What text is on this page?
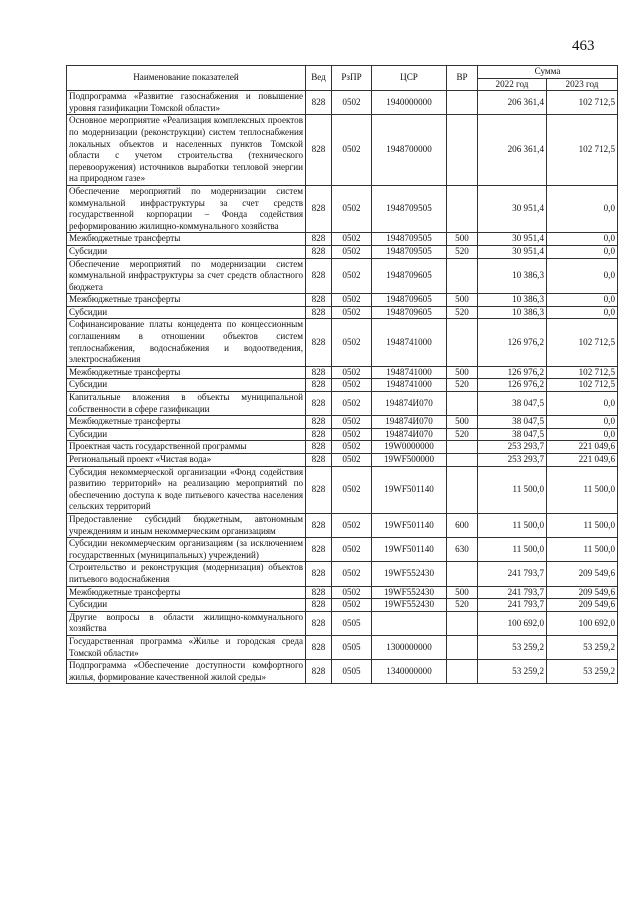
463
Наименование показателей	Вед	РзПР	ЦСР	ВР	Сумма	
					2022 год	2023 год
Подпрограмма «Развитие газоснабжения и повышение уровня газификации Томской области»	828	0502	1940000000		206 361,4	102 712,5
Основное мероприятие «Реализация комплексных проектов по модернизации (реконструкции) систем теплоснабжения локальных объектов и населенных пунктов Томской области с учетом строительства (технического перевооружения) источников выработки тепловой энергии на природном газе»	828	0502	1948700000		206 361,4	102 712,5
Обеспечение мероприятий по модернизации систем коммунальной инфраструктуры за счет средств государственной корпорации – Фонда содействия реформированию жилищно-коммунального хозяйства	828	0502	1948709505		30 951,4	0,0
Межбюджетные трансферты	828	0502	1948709505	500	30 951,4	0,0
Субсидии	828	0502	1948709505	520	30 951,4	0,0
Обеспечение мероприятий по модернизации систем коммунальной инфраструктуры за счет средств областного бюджета	828	0502	1948709605		10 386,3	0,0
Межбюджетные трансферты	828	0502	1948709605	500	10 386,3	0,0
Субсидии	828	0502	1948709605	520	10 386,3	0,0
Софинансирование платы концедента по концессионным соглашениям в отношении объектов систем теплоснабжения, водоснабжения и водоотведения, электроснабжения	828	0502	1948741000		126 976,2	102 712,5
Межбюджетные трансферты	828	0502	1948741000	500	126 976,2	102 712,5
Субсидии	828	0502	1948741000	520	126 976,2	102 712,5
Капитальные вложения в объекты муниципальной собственности в сфере газификации	828	0502	194874И070		38 047,5	0,0
Межбюджетные трансферты	828	0502	194874И070	500	38 047,5	0,0
Субсидии	828	0502	194874И070	520	38 047,5	0,0
Проектная часть государственной программы	828	0502	19W0000000		253 293,7	221 049,6
Региональный проект «Чистая вода»	828	0502	19WF500000		253 293,7	221 049,6
Субсидия некоммерческой организации «Фонд содействия развитию территорий» на реализацию мероприятий по обеспечению доступа к воде питьевого качества населения сельских территорий	828	0502	19WF501140		11 500,0	11 500,0
Предоставление субсидий бюджетным, автономным учреждениям и иным некоммерческим организациям	828	0502	19WF501140	600	11 500,0	11 500,0
Субсидии некоммерческим организациям (за исключением государственных (муниципальных) учреждений)	828	0502	19WF501140	630	11 500,0	11 500,0
Строительство и реконструкция (модернизация) объектов питьевого водоснабжения	828	0502	19WF552430		241 793,7	209 549,6
Межбюджетные трансферты	828	0502	19WF552430	500	241 793,7	209 549,6
Субсидии	828	0502	19WF552430	520	241 793,7	209 549,6
Другие вопросы в области жилищно-коммунального хозяйства	828	0505			100 692,0	100 692,0
Государственная программа «Жилье и городская среда Томской области»	828	0505	1300000000		53 259,2	53 259,2
Подпрограмма «Обеспечение доступности комфортного жилья, формирование качественной жилой среды»	828	0505	1340000000		53 259,2	53 259,2
